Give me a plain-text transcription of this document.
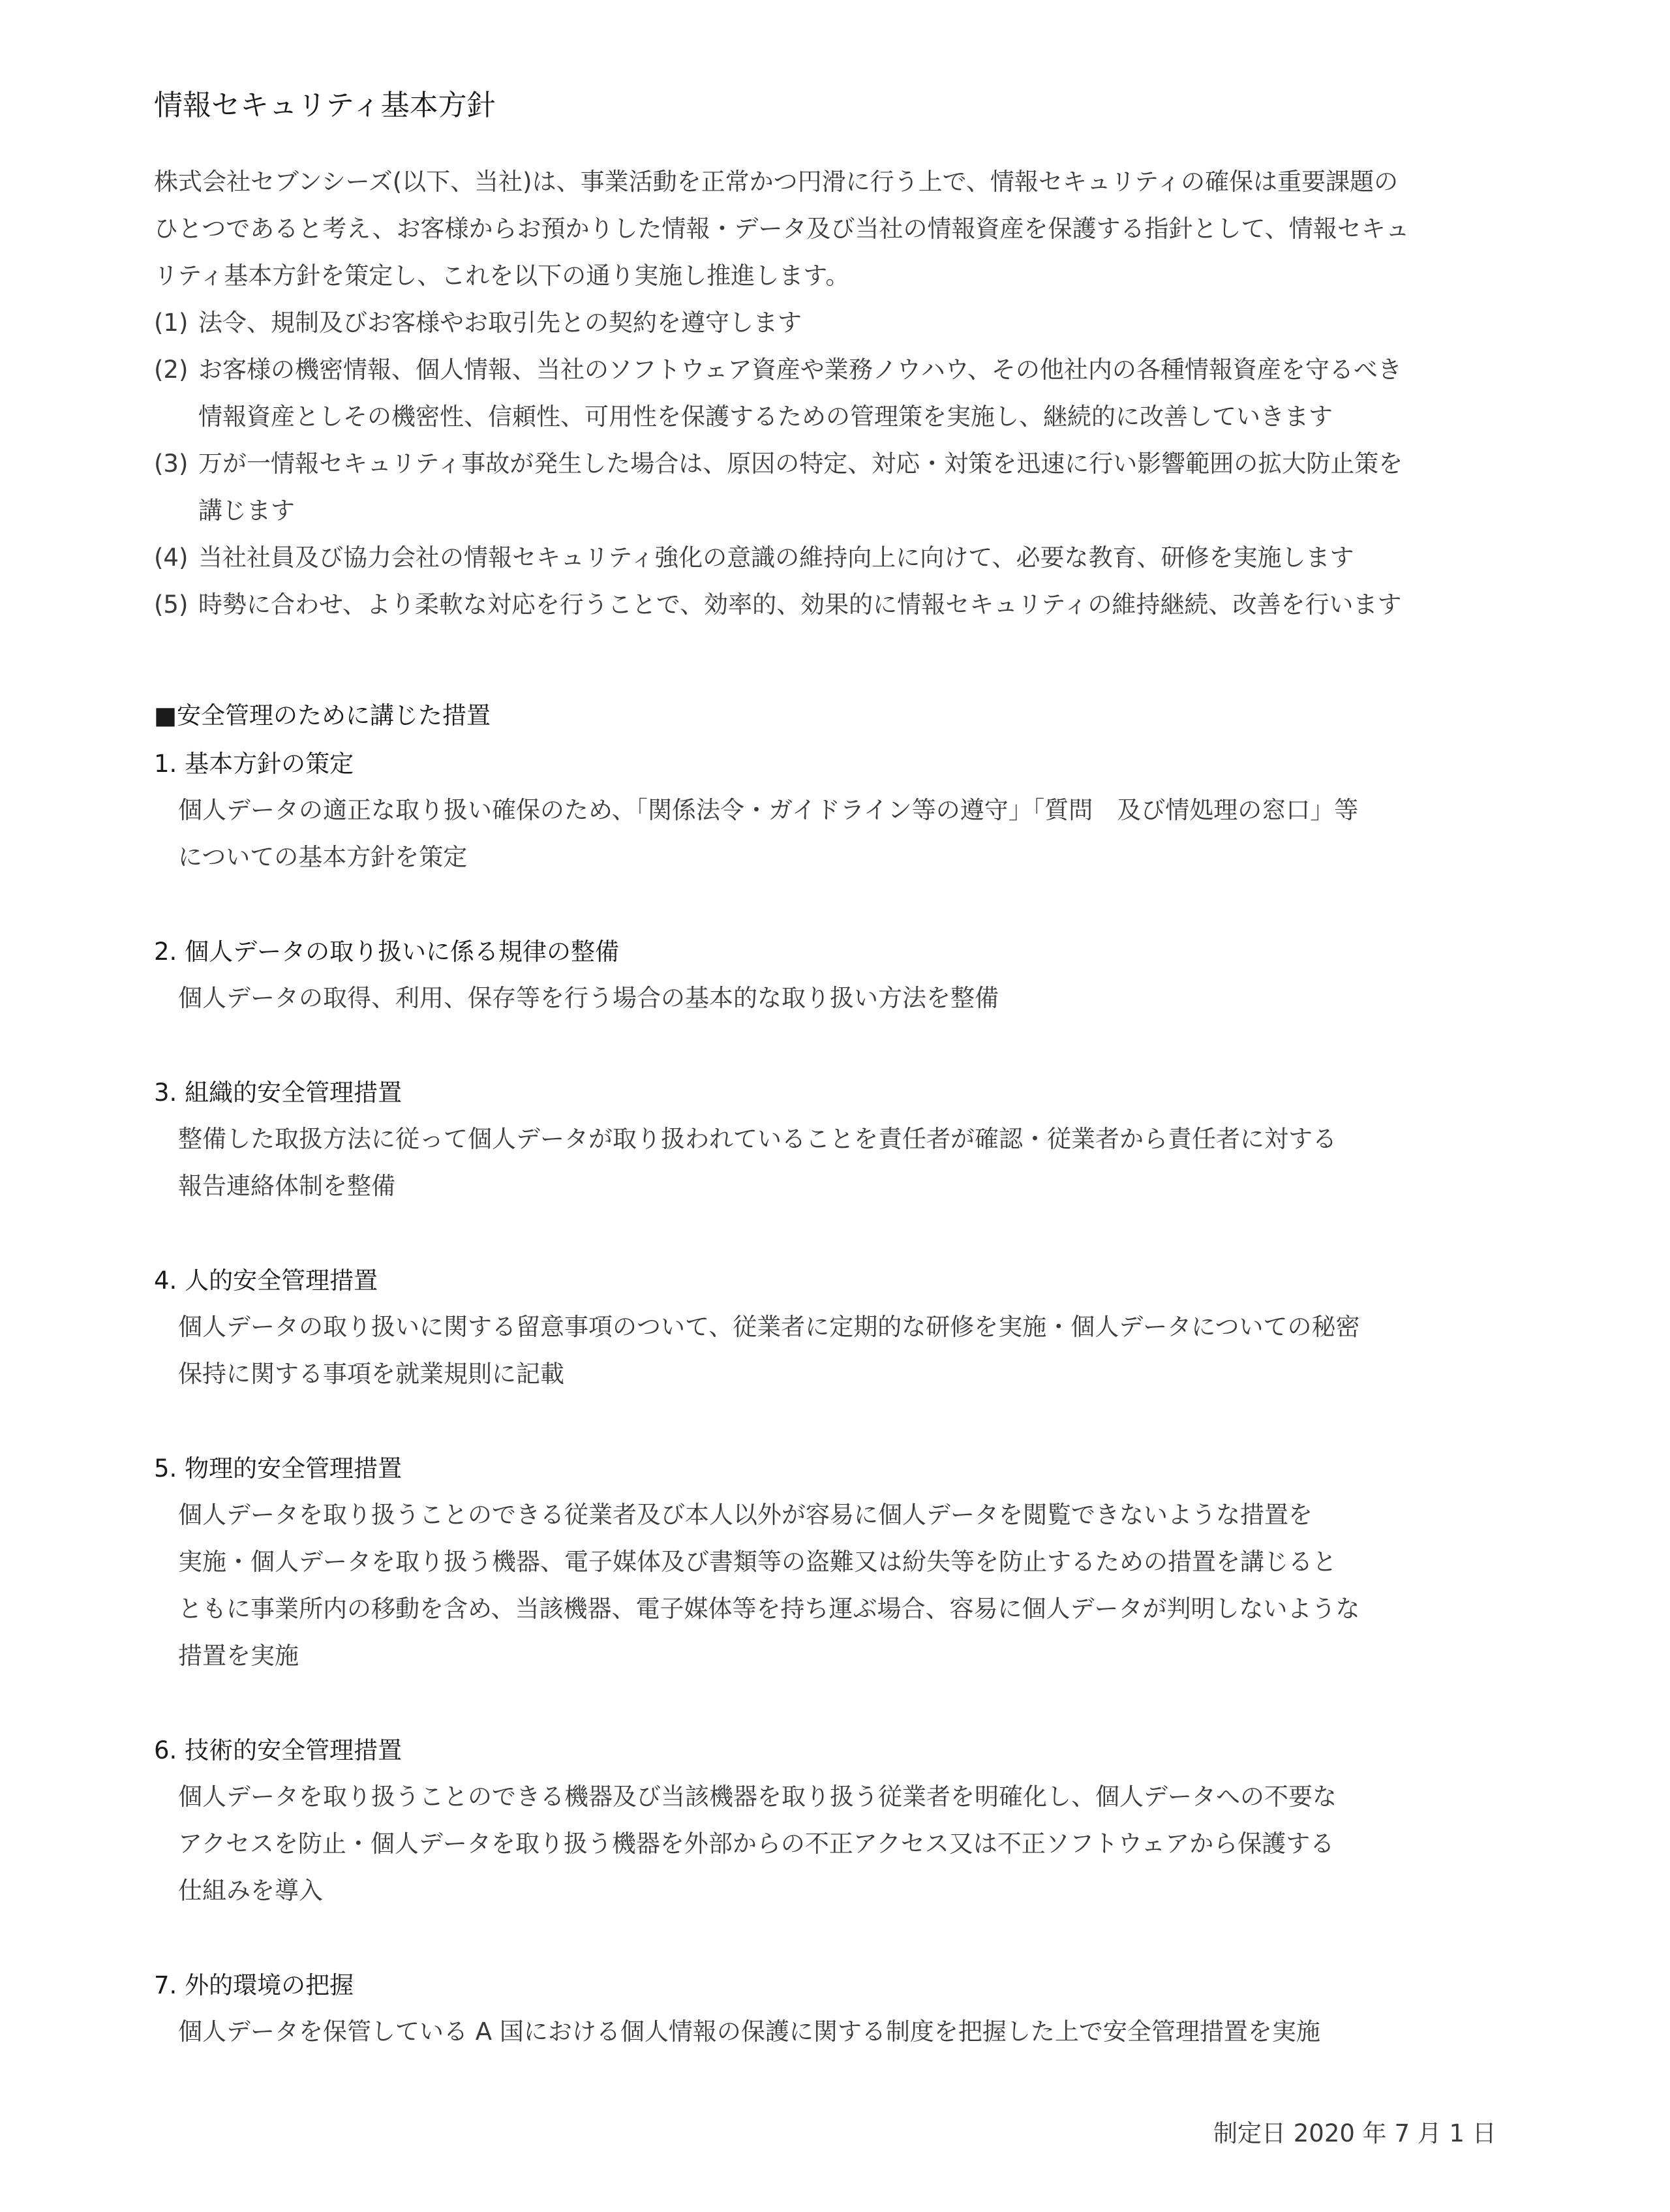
情報セキュリティ基本方針

株式会社セブンシーズ(以下、当社)は、事業活動を正常かつ円滑に行う上で、情報セキュリティの確保は重要課題の

ひとつであると考え、お客様からお預かりした情報・データ及び当社の情報資産を保護する指針として、情報セキュ

リティ基本方針を策定し、これを以下の通り実施し推進します。

(1) 法令、規制及びお客様やお取引先との契約を遵守します
(2) お客様の機密情報、個人情報、当社のソフトウェア資産や業務ノウハウ、その他社内の各種情報資産を守るべき
情報資産としその機密性、信頼性、可用性を保護するための管理策を実施し、継続的に改善していきます
(3) 万が一情報セキュリティ事故が発生した場合は、原因の特定、対応・対策を迅速に行い影響範囲の拡大防止策を
講じます
(4) 当社社員及び協力会社の情報セキュリティ強化の意識の維持向上に向けて、必要な教育、研修を実施します
(5) 時勢に合わせ、より柔軟な対応を行うことで、効率的、効果的に情報セキュリティの維持継続、改善を行います
■安全管理のために講じた措置
1. 基本方針の策定
個人データの適正な取り扱い確保のため、「関係法令・ガイドライン等の遵守」「質問　及び情処理の窓口」等
についての基本方針を策定
2. 個人データの取り扱いに係る規律の整備
個人データの取得、利用、保存等を行う場合の基本的な取り扱い方法を整備
3. 組織的安全管理措置
整備した取扱方法に従って個人データが取り扱われていることを責任者が確認・従業者から責任者に対する
報告連絡体制を整備
4. 人的安全管理措置
個人データの取り扱いに関する留意事項のついて、従業者に定期的な研修を実施・個人データについての秘密
保持に関する事項を就業規則に記載
5. 物理的安全管理措置
個人データを取り扱うことのできる従業者及び本人以外が容易に個人データを閲覧できないような措置を
実施・個人データを取り扱う機器、電子媒体及び書類等の盗難又は紛失等を防止するための措置を講じると
ともに事業所内の移動を含め、当該機器、電子媒体等を持ち運ぶ場合、容易に個人データが判明しないような
措置を実施
6. 技術的安全管理措置
個人データを取り扱うことのできる機器及び当該機器を取り扱う従業者を明確化し、個人データへの不要な
アクセスを防止・個人データを取り扱う機器を外部からの不正アクセス又は不正ソフトウェアから保護する
仕組みを導入
7. 外的環境の把握
個人データを保管している A 国における個人情報の保護に関する制度を把握した上で安全管理措置を実施
制定日 2020 年 7 月 1 日
